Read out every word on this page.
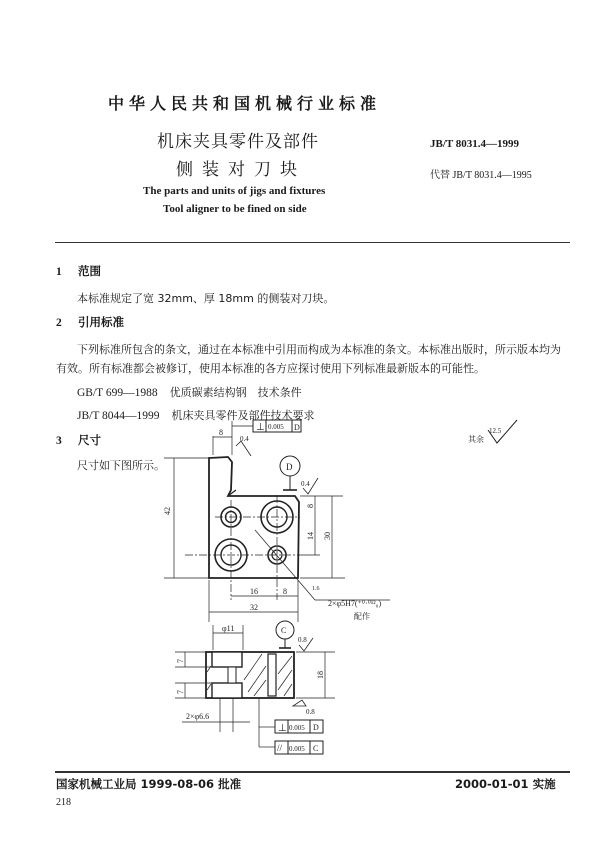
中华人民共和国机械行业标准
机床夹具零件及部件
侧装对刀块
The parts and units of jigs and fixtures
Tool aligner to be fined on side
JB/T 8031.4—1999
代替 JB/T 8031.4—1995
1 范围
本标准规定了宽 32mm、厚 18mm 的侧装对刀块。
2 引用标准
下列标准所包含的条文，通过在本标准中引用而构成为本标准的条文。本标准出版时，所示版本均为有效。所有标准都会被修订，使用本标准的各方应探讨使用下列标准最新版本的可能性。
GB/T 699—1988 优质碳素结构钢　技术条件
JB/T 8044—1999 机床夹具零件及部件技术要求
3 尺寸
尺寸如下图所示。
8	⊥ 0.005 D
0.4
D
0.4
42
8
14 30
16	8
32
1.6
2×φ5H7(⁺⁰·⁰¹²₀)
配作
φ11	C
0.8
0.8
7
7
18
2×φ6.6
⊥ 0.005 D
// 0.005 C
其余
12.5
国家机械工业局 1999-08-06 批准	2000-01-01 实施
218
